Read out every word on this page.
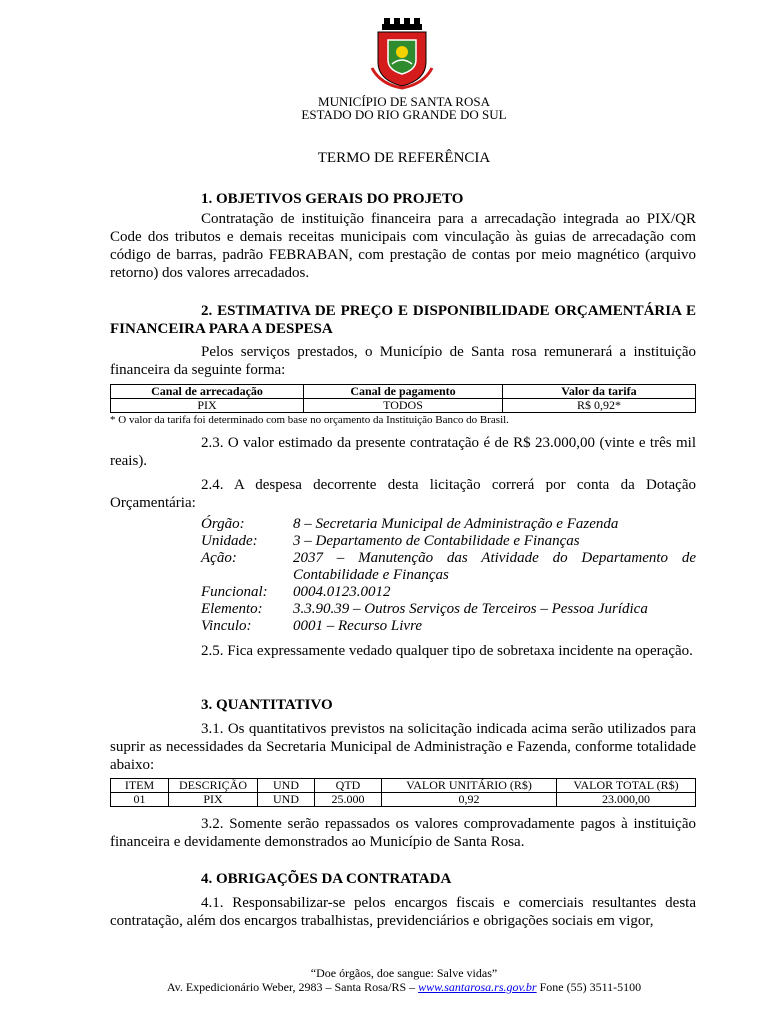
MUNICÍPIO DE SANTA ROSA
ESTADO DO RIO GRANDE DO SUL
TERMO DE REFERÊNCIA
1. OBJETIVOS GERAIS DO PROJETO
Contratação de instituição financeira para a arrecadação integrada ao PIX/QR Code dos tributos e demais receitas municipais com vinculação às guias de arrecadação com código de barras, padrão FEBRABAN, com prestação de contas por meio magnético (arquivo retorno) dos valores arrecadados.
2. ESTIMATIVA DE PREÇO E DISPONIBILIDADE ORÇAMENTÁRIA E FINANCEIRA PARA A DESPESA
Pelos serviços prestados, o Município de Santa rosa remunerará a instituição financeira da seguinte forma:
Canal de arrecadação	Canal de pagamento	Valor da tarifa
PIX	TODOS	R$ 0,92*
* O valor da tarifa foi determinado com base no orçamento da Instituição Banco do Brasil.
2.3. O valor estimado da presente contratação é de R$ 23.000,00 (vinte e três mil reais).
2.4. A despesa decorrente desta licitação correrá por conta da Dotação Orçamentária:
Órgão:	8 – Secretaria Municipal de Administração e Fazenda
Unidade:	3 – Departamento de Contabilidade e Finanças
Ação:	2037 – Manutenção das Atividade do Departamento de Contabilidade e Finanças
Funcional:	0004.0123.0012
Elemento:	3.3.90.39 – Outros Serviços de Terceiros – Pessoa Jurídica
Vinculo:	0001 – Recurso Livre
2.5. Fica expressamente vedado qualquer tipo de sobretaxa incidente na operação.
3. QUANTITATIVO
3.1. Os quantitativos previstos na solicitação indicada acima serão utilizados para suprir as necessidades da Secretaria Municipal de Administração e Fazenda, conforme totalidade abaixo:
ITEM	DESCRIÇÃO	UND	QTD	VALOR UNITÁRIO (R$)	VALOR TOTAL (R$)
01	PIX	UND	25.000	0,92	23.000,00
3.2. Somente serão repassados os valores comprovadamente pagos à instituição financeira e devidamente demonstrados ao Município de Santa Rosa.
4. OBRIGAÇÕES DA CONTRATADA
4.1. Responsabilizar-se pelos encargos fiscais e comerciais resultantes desta contratação, além dos encargos trabalhistas, previdenciários e obrigações sociais em vigor,
“Doe órgãos, doe sangue: Salve vidas”
Av. Expedicionário Weber, 2983 – Santa Rosa/RS – www.santarosa.rs.gov.br Fone (55) 3511-5100
